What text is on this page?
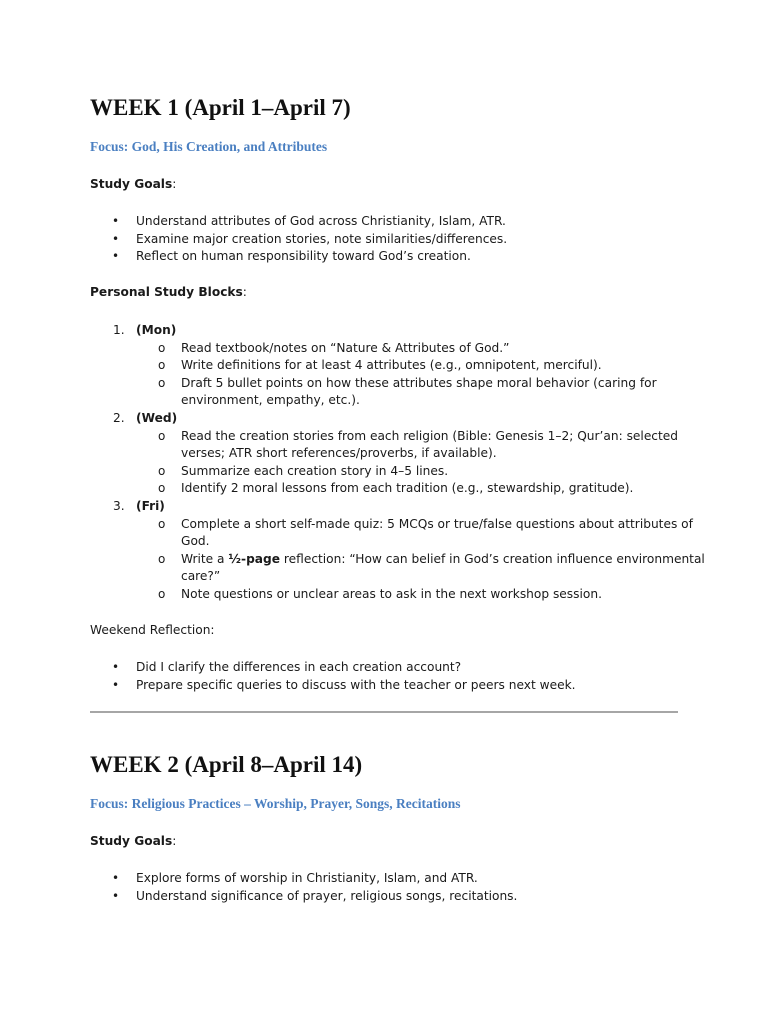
WEEK 1 (April 1–April 7)
Focus: God, His Creation, and Attributes
Study Goals:
• Understand attributes of God across Christianity, Islam, ATR.
• Examine major creation stories, note similarities/differences.
• Reflect on human responsibility toward God’s creation.
Personal Study Blocks:
1. (Mon)
o Read textbook/notes on “Nature & Attributes of God.”
o Write definitions for at least 4 attributes (e.g., omnipotent, merciful).
o Draft 5 bullet points on how these attributes shape moral behavior (caring for
environment, empathy, etc.).
2. (Wed)
o Read the creation stories from each religion (Bible: Genesis 1–2; Qur’an: selected
verses; ATR short references/proverbs, if available).
o Summarize each creation story in 4–5 lines.
o Identify 2 moral lessons from each tradition (e.g., stewardship, gratitude).
3. (Fri)
o Complete a short self-made quiz: 5 MCQs or true/false questions about attributes of
God.
o Write a ½-page reflection: “How can belief in God’s creation influence environmental
care?”
o Note questions or unclear areas to ask in the next workshop session.
Weekend Reflection:
• Did I clarify the differences in each creation account?
• Prepare specific queries to discuss with the teacher or peers next week.
WEEK 2 (April 8–April 14)
Focus: Religious Practices – Worship, Prayer, Songs, Recitations
Study Goals:
• Explore forms of worship in Christianity, Islam, and ATR.
• Understand significance of prayer, religious songs, recitations.
